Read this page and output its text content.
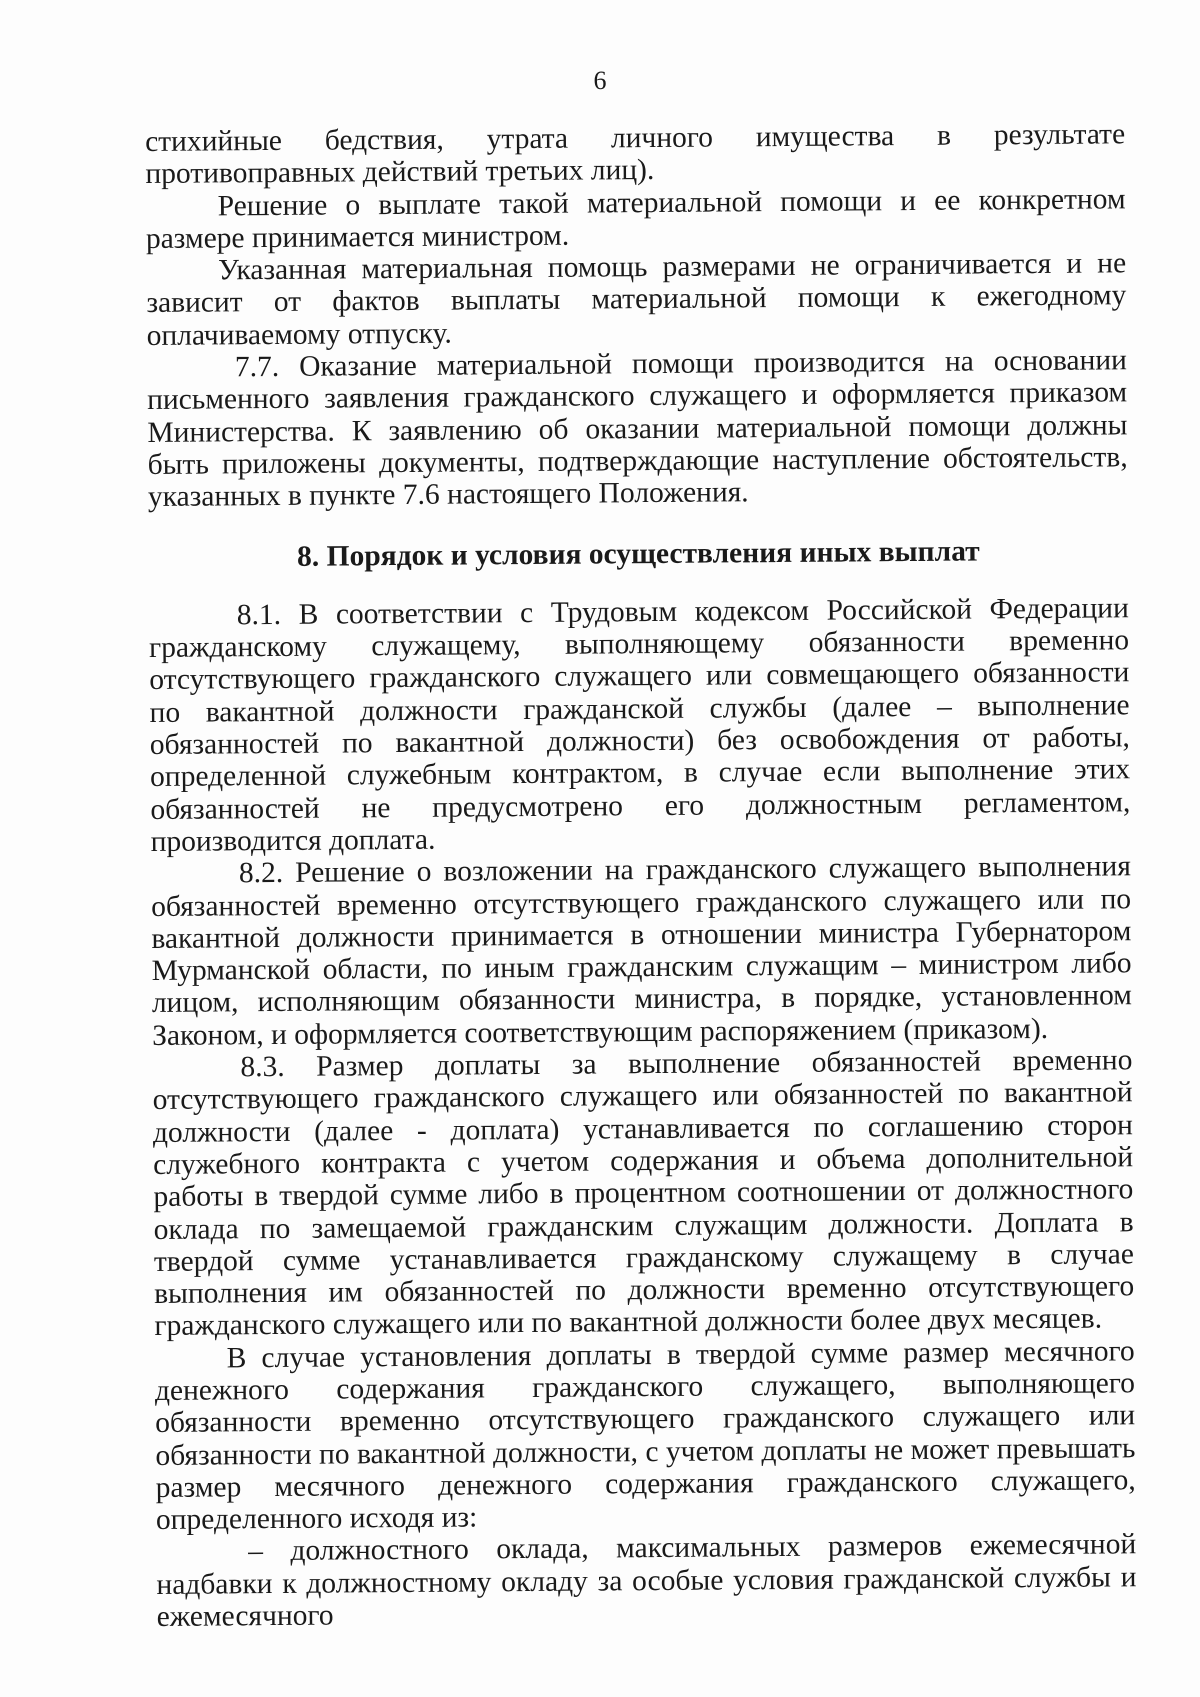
6

стихийные бедствия, утрата личного имущества в результате противоправных действий третьих лиц).

Решение о выплате такой материальной помощи и ее конкретном размере принимается министром.

Указанная материальная помощь размерами не ограничивается и не зависит от фактов выплаты материальной помощи к ежегодному оплачиваемому отпуску.

7.7. Оказание материальной помощи производится на основании письменного заявления гражданского служащего и оформляется приказом Министерства. К заявлению об оказании материальной помощи должны быть приложены документы, подтверждающие наступление обстоятельств, указанных в пункте 7.6 настоящего Положения.

8. Порядок и условия осуществления иных выплат

8.1. В соответствии с Трудовым кодексом Российской Федерации гражданскому служащему, выполняющему обязанности временно отсутствующего гражданского служащего или совмещающего обязанности по вакантной должности гражданской службы (далее – выполнение обязанностей по вакантной должности) без освобождения от работы, определенной служебным контрактом, в случае если выполнение этих обязанностей не предусмотрено его должностным регламентом, производится доплата.

8.2. Решение о возложении на гражданского служащего выполнения обязанностей временно отсутствующего гражданского служащего или по вакантной должности принимается в отношении министра Губернатором Мурманской области, по иным гражданским служащим – министром либо лицом, исполняющим обязанности министра, в порядке, установленном Законом, и оформляется соответствующим распоряжением (приказом).

8.3. Размер доплаты за выполнение обязанностей временно отсутствующего гражданского служащего или обязанностей по вакантной должности (далее - доплата) устанавливается по соглашению сторон служебного контракта с учетом содержания и объема дополнительной работы в твердой сумме либо в процентном соотношении от должностного оклада по замещаемой гражданским служащим должности. Доплата в твердой сумме устанавливается гражданскому служащему в случае выполнения им обязанностей по должности временно отсутствующего гражданского служащего или по вакантной должности более двух месяцев.

В случае установления доплаты в твердой сумме размер месячного денежного содержания гражданского служащего, выполняющего обязанности временно отсутствующего гражданского служащего или обязанности по вакантной должности, с учетом доплаты не может превышать размер месячного денежного содержания гражданского служащего, определенного исходя из:

– должностного оклада, максимальных размеров ежемесячной надбавки к должностному окладу за особые условия гражданской службы и ежемесячного
